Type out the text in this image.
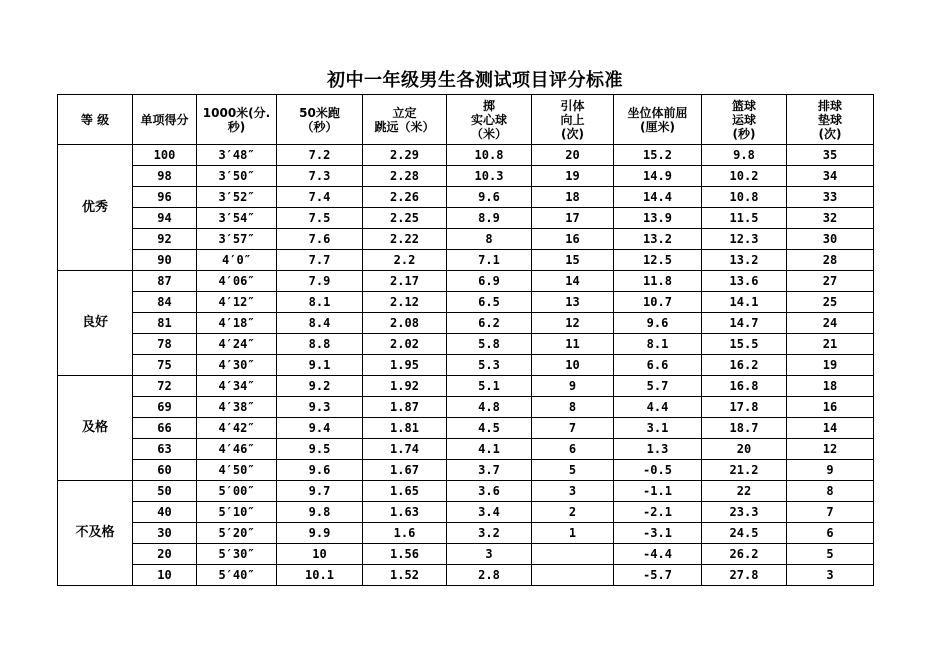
初中一年级男生各测试项目评分标准
等 级	单项得分	1000米(分.
秒)	50米跑
（秒）	立定
跳远（米）	掷
实心球
（米）	引体
向上
(次)	坐位体前屈
(厘米)	篮球
运球
(秒)	排球
垫球
(次)
优秀	100	3′48″	7.2	2.29	10.8	20	15.2	9.8	35
	98	3′50″	7.3	2.28	10.3	19	14.9	10.2	34
	96	3′52″	7.4	2.26	9.6	18	14.4	10.8	33
	94	3′54″	7.5	2.25	8.9	17	13.9	11.5	32
	92	3′57″	7.6	2.22	8	16	13.2	12.3	30
	90	4′0″	7.7	2.2	7.1	15	12.5	13.2	28
良好	87	4′06″	7.9	2.17	6.9	14	11.8	13.6	27
	84	4′12″	8.1	2.12	6.5	13	10.7	14.1	25
	81	4′18″	8.4	2.08	6.2	12	9.6	14.7	24
	78	4′24″	8.8	2.02	5.8	11	8.1	15.5	21
	75	4′30″	9.1	1.95	5.3	10	6.6	16.2	19
及格	72	4′34″	9.2	1.92	5.1	9	5.7	16.8	18
	69	4′38″	9.3	1.87	4.8	8	4.4	17.8	16
	66	4′42″	9.4	1.81	4.5	7	3.1	18.7	14
	63	4′46″	9.5	1.74	4.1	6	1.3	20	12
	60	4′50″	9.6	1.67	3.7	5	-0.5	21.2	9
不及格	50	5′00″	9.7	1.65	3.6	3	-1.1	22	8
	40	5′10″	9.8	1.63	3.4	2	-2.1	23.3	7
	30	5′20″	9.9	1.6	3.2	1	-3.1	24.5	6
	20	5′30″	10	1.56	3		-4.4	26.2	5
	10	5′40″	10.1	1.52	2.8		-5.7	27.8	3
